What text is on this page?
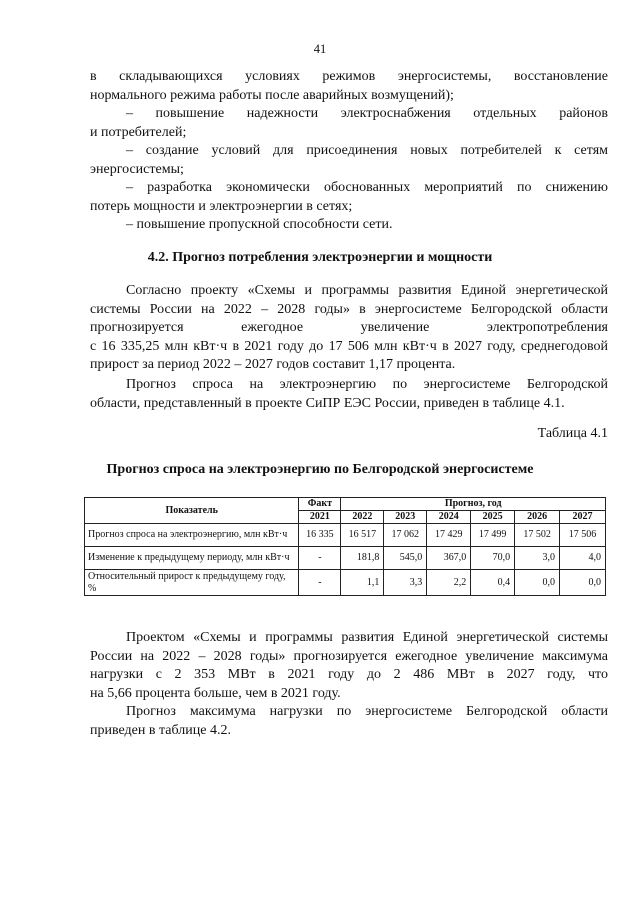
41
в складывающихся условиях режимов энергосистемы, восстановление
нормального режима работы после аварийных возмущений);
– повышение надежности электроснабжения отдельных районов
и потребителей;
– создание условий для присоединения новых потребителей к сетям
энергосистемы;
– разработка экономически обоснованных мероприятий по снижению
потерь мощности и электроэнергии в сетях;
– повышение пропускной способности сети.
4.2. Прогноз потребления электроэнергии и мощности
Согласно проекту «Схемы и программы развития Единой энергетической
системы России на 2022 – 2028 годы» в энергосистеме Белгородской области
прогнозируется ежегодное увеличение электропотребления
с 16 335,25 млн кВт·ч в 2021 году до 17 506 млн кВт·ч в 2027 году, среднегодовой
прирост за период 2022 – 2027 годов составит 1,17 процента.
Прогноз спроса на электроэнергию по энергосистеме Белгородской
области, представленный в проекте СиПР ЕЭС России, приведен в таблице 4.1.
Таблица 4.1
Прогноз спроса на электроэнергию по Белгородской энергосистеме
Показатель	Факт	Прогноз, год					
	2021	2022	2023	2024	2025	2026	2027
Прогноз спроса на электроэнергию, млн кВт·ч	16 335	16 517	17 062	17 429	17 499	17 502	17 506
Изменение к предыдущему периоду, млн кВт·ч	-	181,8	545,0	367,0	70,0	3,0	4,0
Относительный прирост к предыдущему году, %	-	1,1	3,3	2,2	0,4	0,0	0,0
Проектом «Схемы и программы развития Единой энергетической системы
России на 2022 – 2028 годы» прогнозируется ежегодное увеличение максимума
нагрузки с 2 353 МВт в 2021 году до 2 486 МВт в 2027 году, что
на 5,66 процента больше, чем в 2021 году.
Прогноз максимума нагрузки по энергосистеме Белгородской области
приведен в таблице 4.2.
